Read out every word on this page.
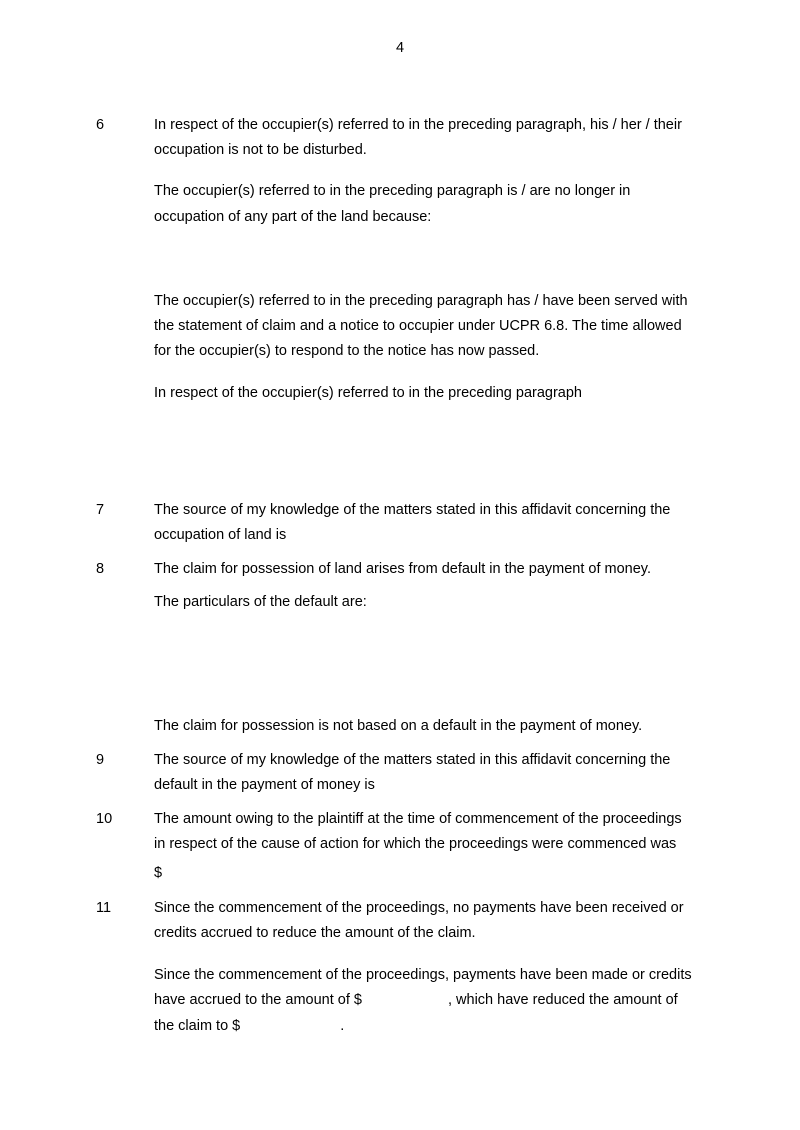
4
6	In respect of the occupier(s) referred to in the preceding paragraph, his / her / their
occupation is not to be disturbed.
The occupier(s) referred to in the preceding paragraph is / are no longer in
occupation of any part of the land because:
The occupier(s) referred to in the preceding paragraph has / have been served with
the statement of claim and a notice to occupier under UCPR 6.8. The time allowed
for the occupier(s) to respond to the notice has now passed.
In respect of the occupier(s) referred to in the preceding paragraph
7	The source of my knowledge of the matters stated in this affidavit concerning the
occupation of land is
8	The claim for possession of land arises from default in the payment of money.
The particulars of the default are:
The claim for possession is not based on a default in the payment of money.
9	The source of my knowledge of the matters stated in this affidavit concerning the
default in the payment of money is
10	The amount owing to the plaintiff at the time of commencement of the proceedings
in respect of the cause of action for which the proceedings were commenced was
$
11	Since the commencement of the proceedings, no payments have been received or
credits accrued to reduce the amount of the claim.
Since the commencement of the proceedings, payments have been made or credits
have accrued to the amount of $	, which have reduced the amount of
the claim to $	.
